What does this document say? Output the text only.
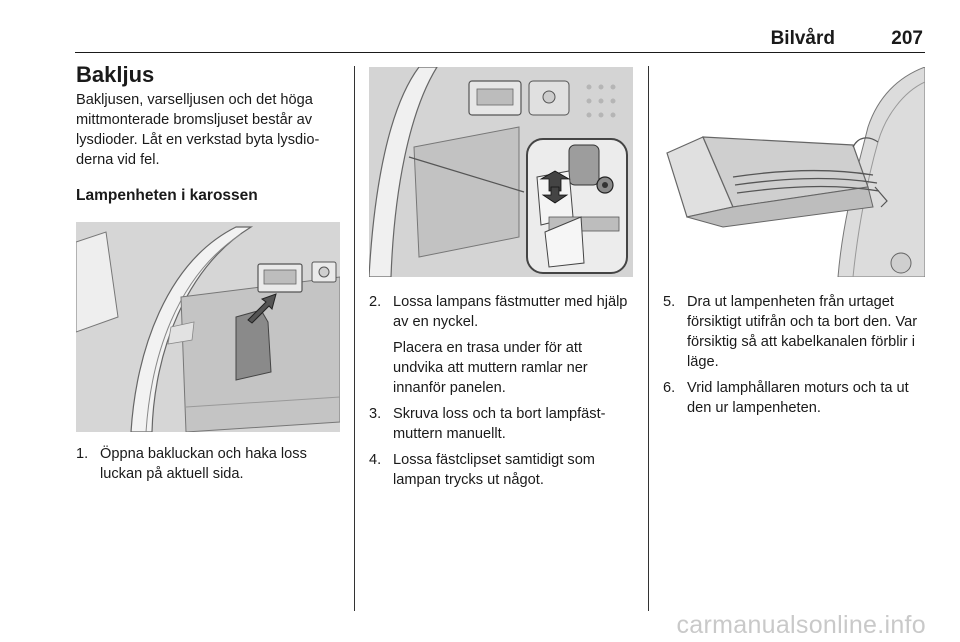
Bilvård	207
Bakljus

Bakljusen, varselljusen och det höga mittmonterade bromsljuset består av lysdioder. Låt en verkstad byta lysdio-derna vid fel.

Lampenheten i karossen
1. Öppna bakluckan och haka loss luckan på aktuell sida.
2. Lossa lampans fästmutter med hjälp av en nyckel.
Placera en trasa under för att undvika att muttern ramlar ner innanför panelen.
3. Skruva loss och ta bort lampfäst-muttern manuellt.
4. Lossa fästclipset samtidigt som lampan trycks ut något.
5. Dra ut lampenheten från urtaget försiktigt utifrån och ta bort den. Var försiktig så att kabelkanalen förblir i läge.
6. Vrid lamphållaren moturs och ta ut den ur lampenheten.
carmanualsonline.info
